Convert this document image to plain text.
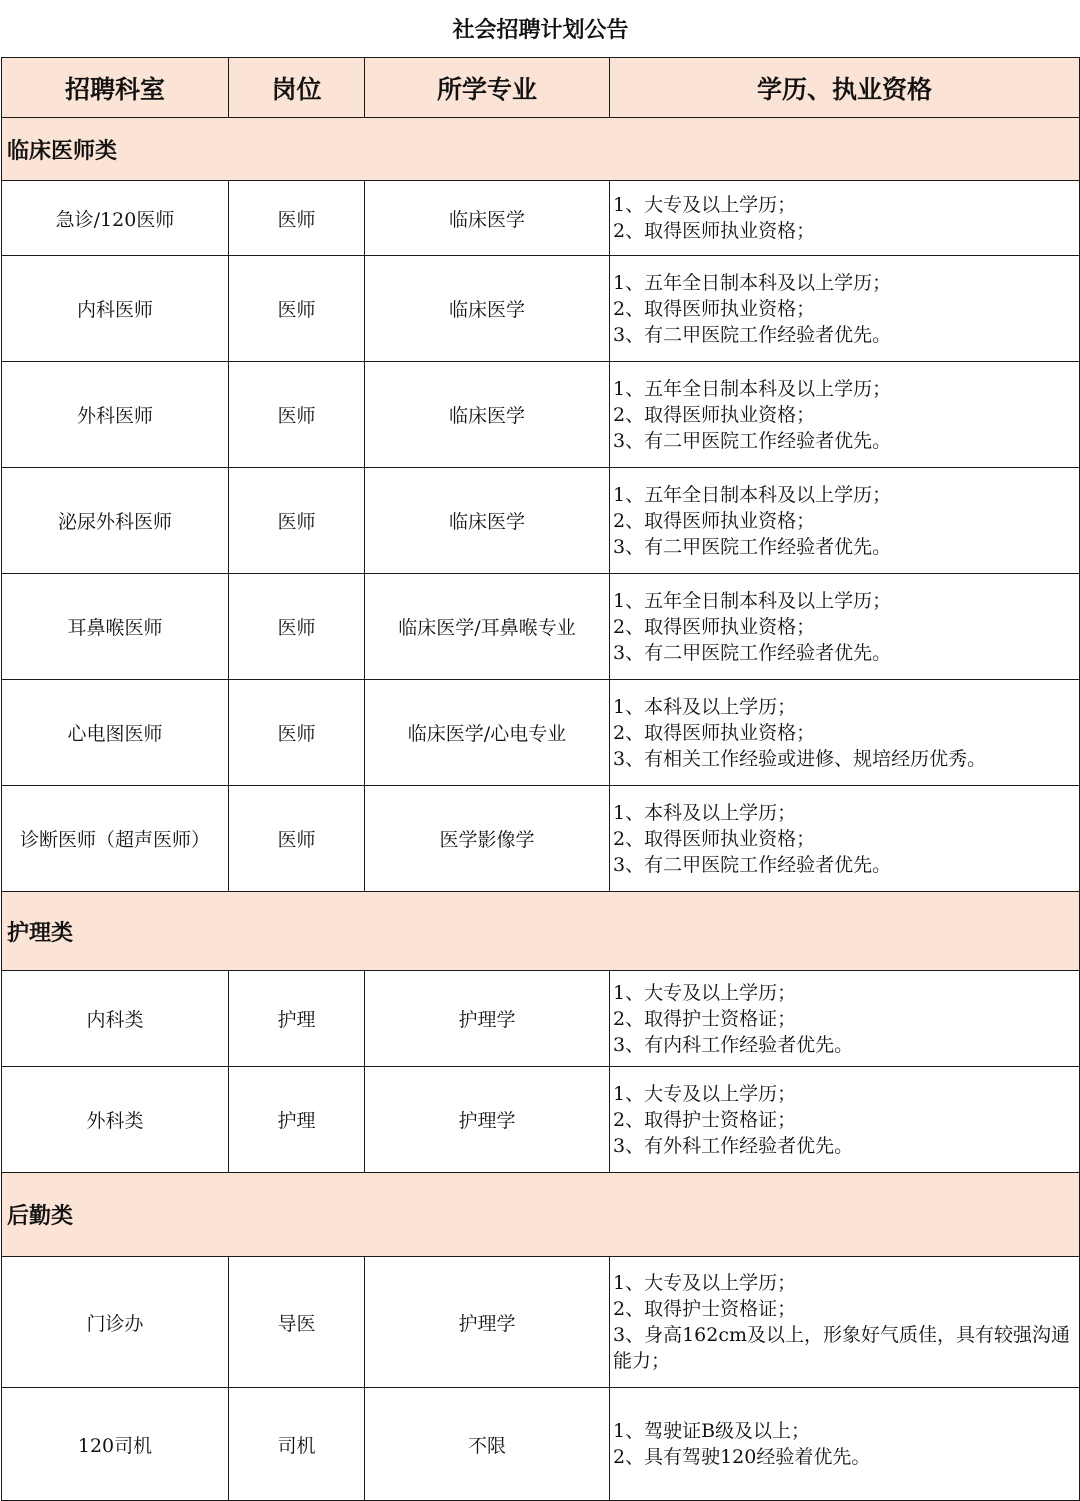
社会招聘计划公告			
招聘科室	岗位	所学专业	学历、执业资格
临床医师类			
急诊/120医师	医师	临床医学	1、大专及以上学历；
2、取得医师执业资格；

内科医师	医师	临床医学	1、五年全日制本科及以上学历；
2、取得医师执业资格；
3、有二甲医院工作经验者优先。

外科医师	医师	临床医学	1、五年全日制本科及以上学历；
2、取得医师执业资格；
3、有二甲医院工作经验者优先。

泌尿外科医师	医师	临床医学	1、五年全日制本科及以上学历；
2、取得医师执业资格；
3、有二甲医院工作经验者优先。

耳鼻喉医师	医师	临床医学/耳鼻喉专业	1、五年全日制本科及以上学历；
2、取得医师执业资格；
3、有二甲医院工作经验者优先。

心电图医师	医师	临床医学/心电专业	1、本科及以上学历；
2、取得医师执业资格；
3、有相关工作经验或进修、规培经历优秀。

诊断医师（超声医师）	医师	医学影像学	1、本科及以上学历；
2、取得医师执业资格；
3、有二甲医院工作经验者优先。

护理类			
内科类	护理	护理学	1、大专及以上学历；
2、取得护士资格证；
3、有内科工作经验者优先。

外科类	护理	护理学	1、大专及以上学历；
2、取得护士资格证；
3、有外科工作经验者优先。

后勤类			
门诊办	导医	护理学	1、大专及以上学历；
2、取得护士资格证；
3、身高162cm及以上，形象好气质佳，具有较强沟通能力；

120司机	司机	不限	1、驾驶证B级及以上；
2、具有驾驶120经验着优先。
